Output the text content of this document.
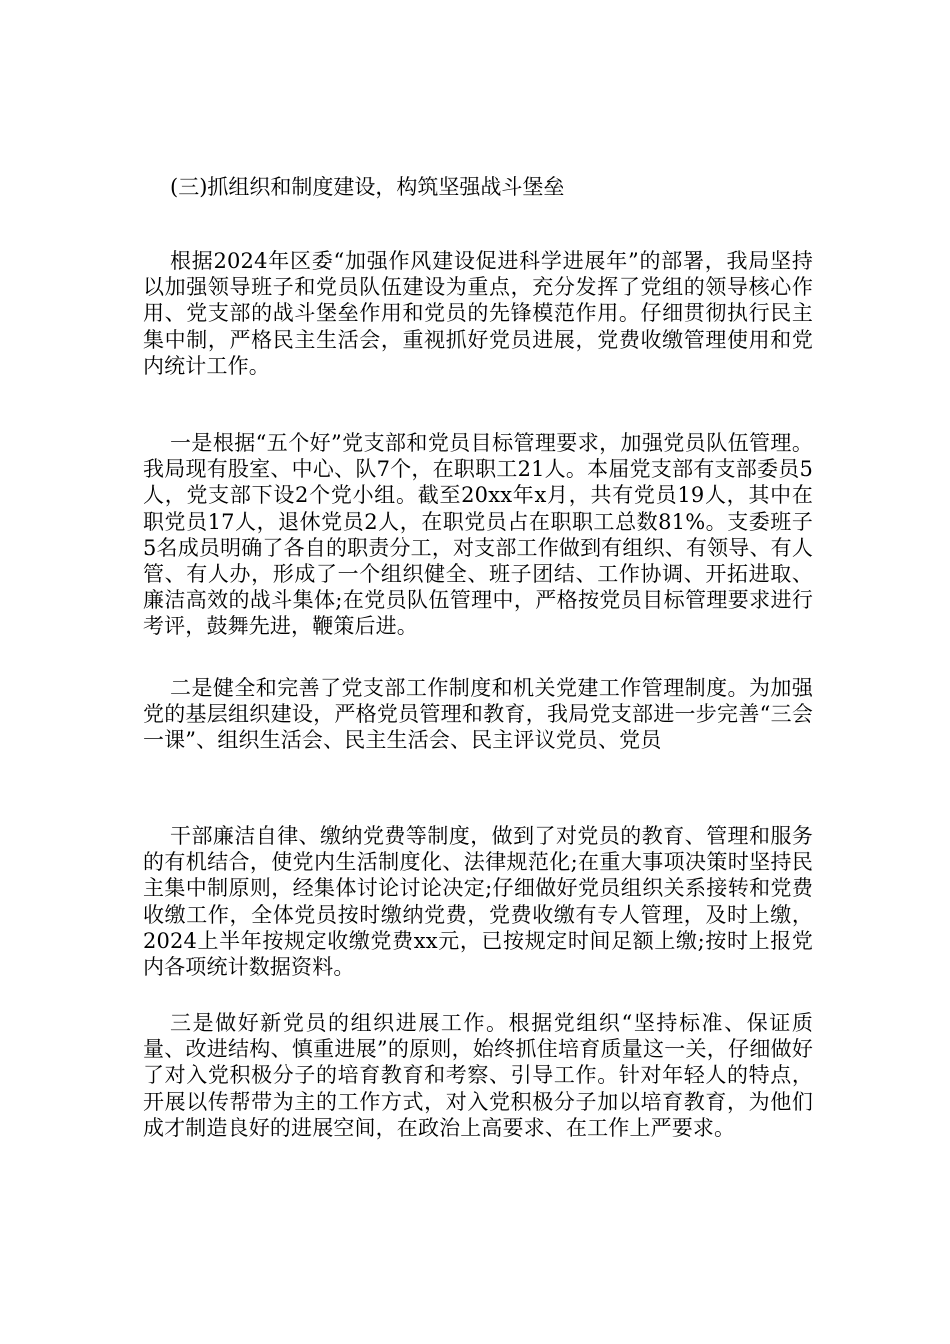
(三)抓组织和制度建设，构筑坚强战斗堡垒

根据2024年区委“加强作风建设促进科学进展年”的部署，我局坚持以加强领导班子和党员队伍建设为重点，充分发挥了党组的领导核心作用、党支部的战斗堡垒作用和党员的先锋模范作用。仔细贯彻执行民主集中制，严格民主生活会，重视抓好党员进展，党费收缴管理使用和党内统计工作。

一是根据“五个好”党支部和党员目标管理要求，加强党员队伍管理。我局现有股室、中心、队7个，在职职工21人。本届党支部有支部委员5人，党支部下设2个党小组。截至20xx年x月，共有党员19人，其中在职党员17人，退休党员2人，在职党员占在职职工总数81%。支委班子5名成员明确了各自的职责分工，对支部工作做到有组织、有领导、有人管、有人办，形成了一个组织健全、班子团结、工作协调、开拓进取、廉洁高效的战斗集体;在党员队伍管理中，严格按党员目标管理要求进行考评，鼓舞先进，鞭策后进。

二是健全和完善了党支部工作制度和机关党建工作管理制度。为加强党的基层组织建设，严格党员管理和教育，我局党支部进一步完善“三会一课”、组织生活会、民主生活会、民主评议党员、党员

干部廉洁自律、缴纳党费等制度，做到了对党员的教育、管理和服务的有机结合，使党内生活制度化、法律规范化;在重大事项决策时坚持民主集中制原则，经集体讨论讨论决定;仔细做好党员组织关系接转和党费收缴工作，全体党员按时缴纳党费，党费收缴有专人管理，及时上缴，2024上半年按规定收缴党费xx元，已按规定时间足额上缴;按时上报党内各项统计数据资料。

三是做好新党员的组织进展工作。根据党组织“坚持标准、保证质量、改进结构、慎重进展”的原则，始终抓住培育质量这一关，仔细做好了对入党积极分子的培育教育和考察、引导工作。针对年轻人的特点，开展以传帮带为主的工作方式，对入党积极分子加以培育教育，为他们成才制造良好的进展空间，在政治上高要求、在工作上严要求。
